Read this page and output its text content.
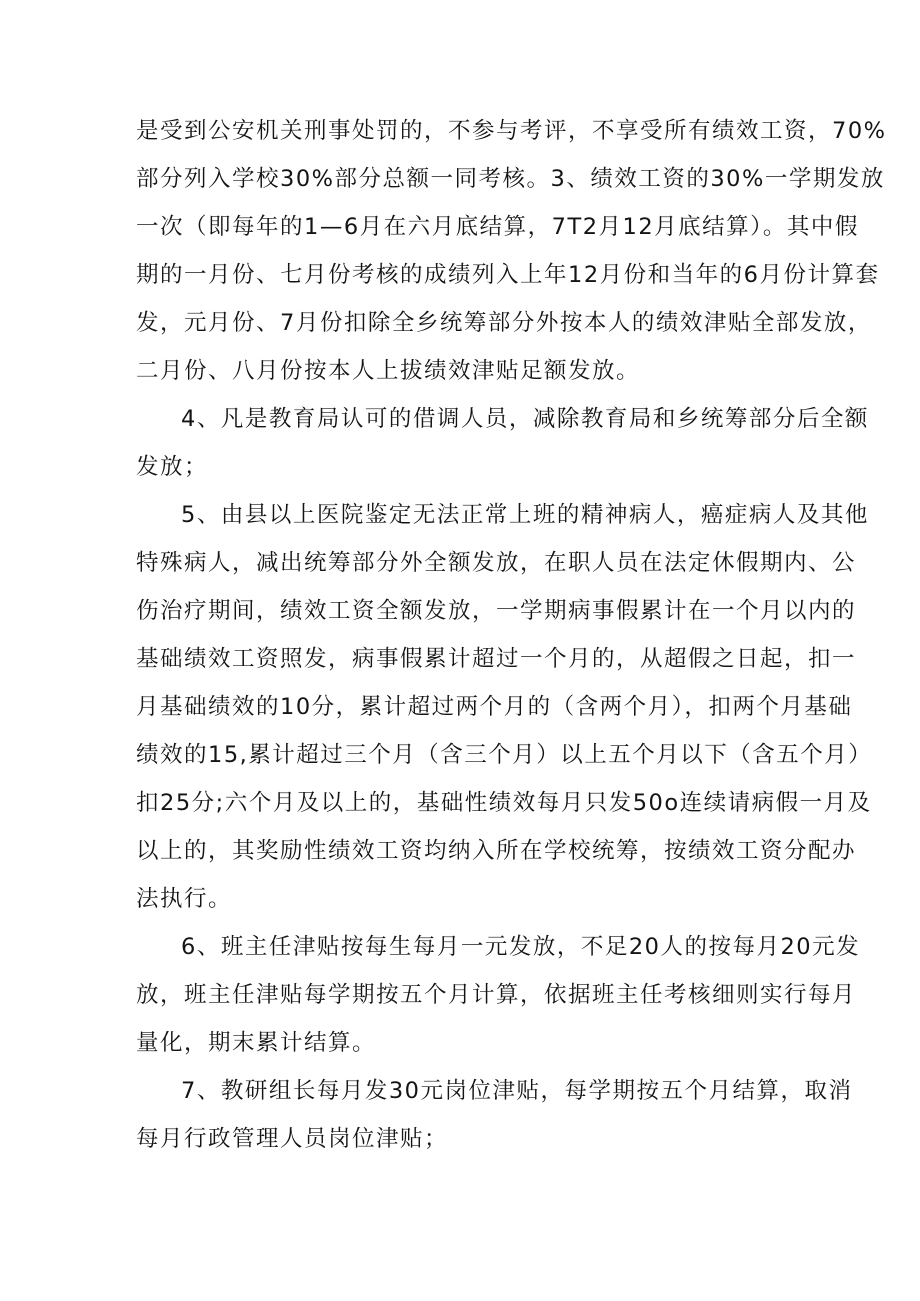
是受到公安机关刑事处罚的，不参与考评，不享受所有绩效工资，70%
部分列入学校30%部分总额一同考核。3、绩效工资的30%一学期发放
一次（即每年的1—6月在六月底结算，7T2月12月底结算）。其中假
期的一月份、七月份考核的成绩列入上年12月份和当年的6月份计算套
发，元月份、7月份扣除全乡统筹部分外按本人的绩效津贴全部发放，
二月份、八月份按本人上拔绩效津贴足额发放。
4、凡是教育局认可的借调人员，减除教育局和乡统筹部分后全额
发放；
5、由县以上医院鉴定无法正常上班的精神病人，癌症病人及其他
特殊病人，减出统筹部分外全额发放，在职人员在法定休假期内、公
伤治疗期间，绩效工资全额发放，一学期病事假累计在一个月以内的
基础绩效工资照发，病事假累计超过一个月的，从超假之日起，扣一
月基础绩效的10分，累计超过两个月的（含两个月），扣两个月基础
绩效的15,累计超过三个月（含三个月）以上五个月以下（含五个月）
扣25分;六个月及以上的，基础性绩效每月只发50o连续请病假一月及
以上的，其奖励性绩效工资均纳入所在学校统筹，按绩效工资分配办
法执行。
6、班主任津贴按每生每月一元发放，不足20人的按每月20元发
放，班主任津贴每学期按五个月计算，依据班主任考核细则实行每月
量化，期末累计结算。
7、教研组长每月发30元岗位津贴，每学期按五个月结算，取消
每月行政管理人员岗位津贴；
